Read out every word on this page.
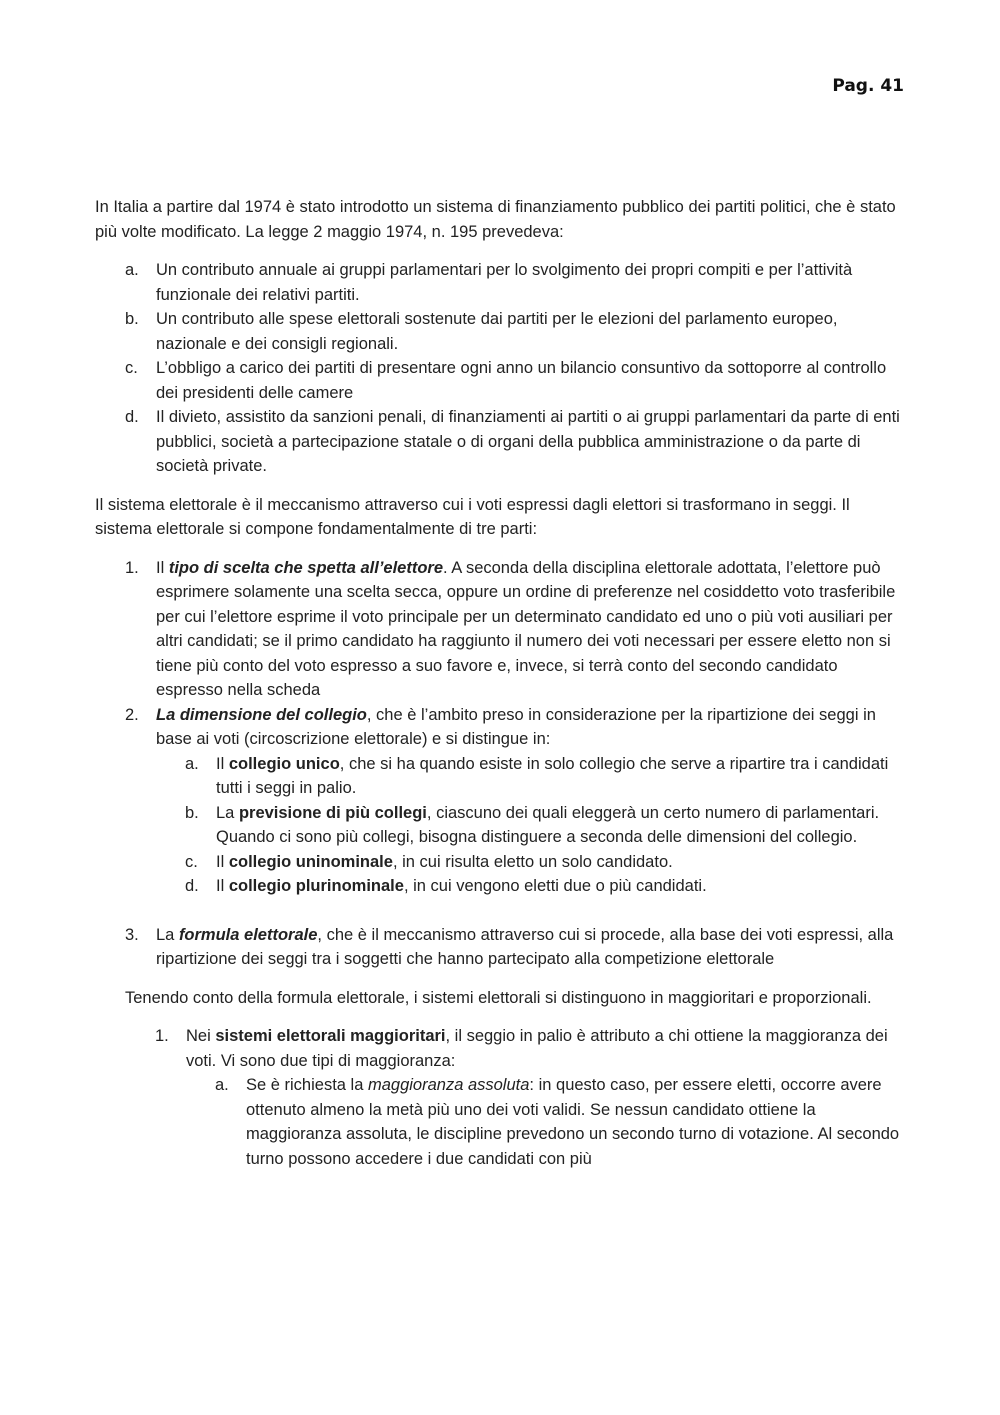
Pag. 41

In Italia a partire dal 1974 è stato introdotto un sistema di finanziamento pubblico dei partiti politici, che è stato più volte modificato. La legge 2 maggio 1974, n. 195 prevedeva:

a. Un contributo annuale ai gruppi parlamentari per lo svolgimento dei propri compiti e per l’attività funzionale dei relativi partiti.
b. Un contributo alle spese elettorali sostenute dai partiti per le elezioni del parlamento europeo, nazionale e dei consigli regionali.
c. L’obbligo a carico dei partiti di presentare ogni anno un bilancio consuntivo da sottoporre al controllo dei presidenti delle camere
d. Il divieto, assistito da sanzioni penali, di finanziamenti ai partiti o ai gruppi parlamentari da parte di enti pubblici, società a partecipazione statale o di organi della pubblica amministrazione o da parte di società private.

Il sistema elettorale è il meccanismo attraverso cui i voti espressi dagli elettori si trasformano in seggi. Il sistema elettorale si compone fondamentalmente di tre parti:

1. Il tipo di scelta che spetta all’elettore. A seconda della disciplina elettorale adottata, l’elettore può esprimere solamente una scelta secca, oppure un ordine di preferenze nel cosiddetto voto trasferibile per cui l’elettore esprime il voto principale per un determinato candidato ed uno o più voti ausiliari per altri candidati; se il primo candidato ha raggiunto il numero dei voti necessari per essere eletto non si tiene più conto del voto espresso a suo favore e, invece, si terrà conto del secondo candidato espresso nella scheda
2. La dimensione del collegio, che è l’ambito preso in considerazione per la ripartizione dei seggi in base ai voti (circoscrizione elettorale) e si distingue in:
a. Il collegio unico, che si ha quando esiste in solo collegio che serve a ripartire tra i candidati tutti i seggi in palio.
b. La previsione di più collegi, ciascuno dei quali eleggerà un certo numero di parlamentari. Quando ci sono più collegi, bisogna distinguere a seconda delle dimensioni del collegio.
c. Il collegio uninominale, in cui risulta eletto un solo candidato.
d. Il collegio plurinominale, in cui vengono eletti due o più candidati.
3. La formula elettorale, che è il meccanismo attraverso cui si procede, alla base dei voti espressi, alla ripartizione dei seggi tra i soggetti che hanno partecipato alla competizione elettorale

Tenendo conto della formula elettorale, i sistemi elettorali si distinguono in maggioritari e proporzionali.

1. Nei sistemi elettorali maggioritari, il seggio in palio è attributo a chi ottiene la maggioranza dei voti. Vi sono due tipi di maggioranza:
a. Se è richiesta la maggioranza assoluta: in questo caso, per essere eletti, occorre avere ottenuto almeno la metà più uno dei voti validi. Se nessun candidato ottiene la maggioranza assoluta, le discipline prevedono un secondo turno di votazione. Al secondo turno possono accedere i due candidati con più
